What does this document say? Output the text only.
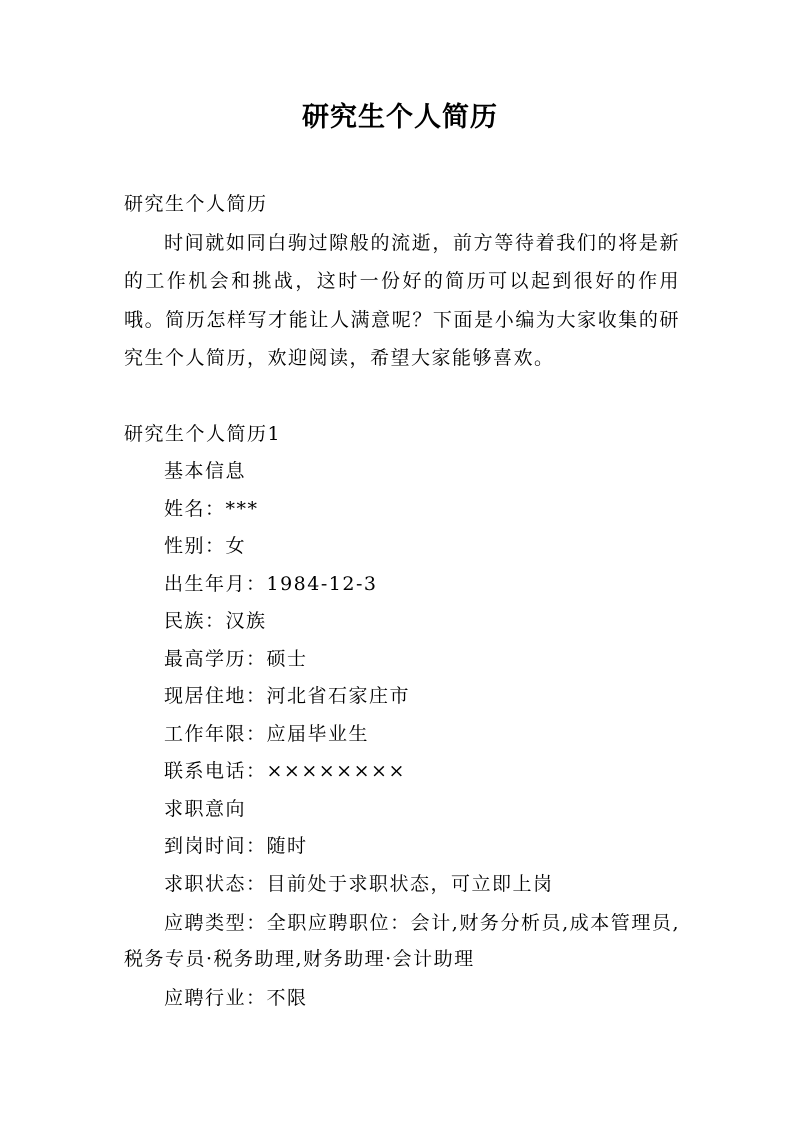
研究生个人简历
研究生个人简历

时间就如同白驹过隙般的流逝，前方等待着我们的将是新的工作机会和挑战，这时一份好的简历可以起到很好的作用哦。简历怎样写才能让人满意呢？下面是小编为大家收集的研究生个人简历，欢迎阅读，希望大家能够喜欢。

研究生个人简历1
基本信息
姓名：***
性别：女
出生年月：1984-12-3
民族：汉族
最高学历：硕士
现居住地：河北省石家庄市
工作年限：应届毕业生
联系电话：××××××××
求职意向
到岗时间：随时
求职状态：目前处于求职状态，可立即上岗

应聘类型：全职应聘职位：会计,财务分析员,成本管理员,税务专员·税务助理,财务助理·会计助理

应聘行业：不限
